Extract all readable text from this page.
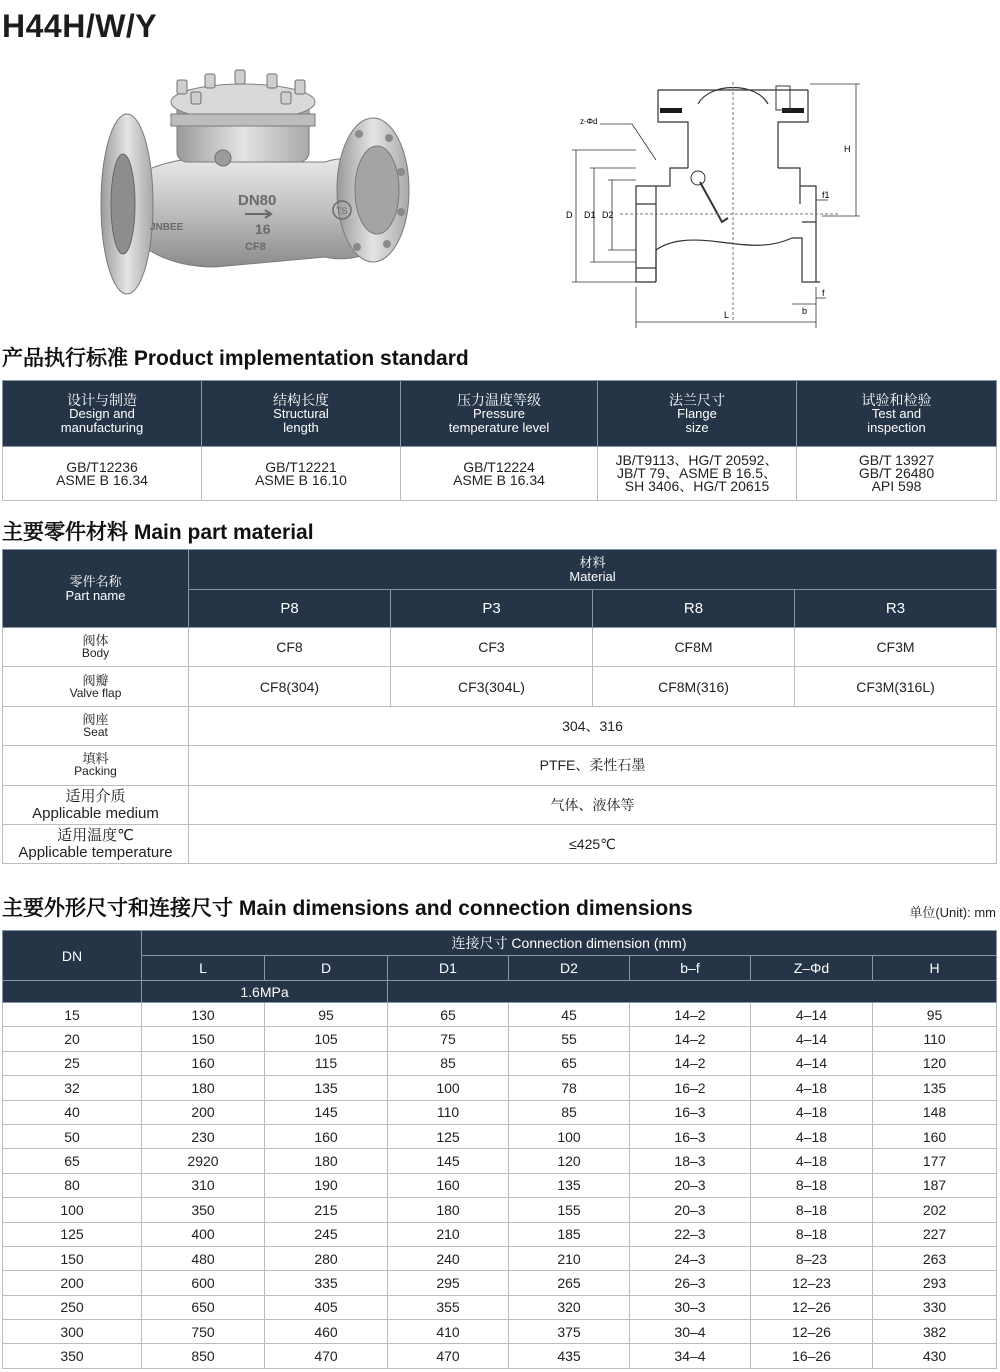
H44H/W/Y
DN80
16
CF8
JNBEE
TS
z-Φd
D D1 D2
H
f1
f
b
L
产品执行标准 Product implementation standard
设计与制造
Design and
manufacturing	结构长度
Structural
length	压力温度等级
Pressure
temperature level	法兰尺寸
Flange
size	试验和检验
Test and
inspection
GB/T12236
ASME B 16.34	GB/T12221
ASME B 16.10	GB/T12224
ASME B 16.34	JB/T9113、HG/T 20592、
JB/T 79、ASME B 16.5、
SH 3406、HG/T 20615	GB/T 13927
GB/T 26480
API 598
主要零件材料 Main part material
零件名称
Part name	材料
Material			
	P8	P3	R8	R3

阀体
Body	CF8	CF3	CF8M	CF3M

阀瓣
Valve flap	CF8(304)	CF3(304L)	CF8M(316)	CF3M(316L)

阀座
Seat	304、316			

填料
Packing	PTFE、柔性石墨			

适用介质
Applicable medium	气体、液体等			

适用温度℃
Applicable temperature	≤425℃			
主要外形尺寸和连接尺寸 Main dimensions and connection dimensions	单位(Unit): mm
DN	连接尺寸 Connection dimension (mm)						
	L	D	D1	D2	b–f	Z–Φd	H
	1.6MPa						
15	130	95	65	45	14–2	4–14	95
20	150	105	75	55	14–2	4–14	110
25	160	115	85	65	14–2	4–14	120
32	180	135	100	78	16–2	4–18	135
40	200	145	110	85	16–3	4–18	148
50	230	160	125	100	16–3	4–18	160
65	2920	180	145	120	18–3	4–18	177
80	310	190	160	135	20–3	8–18	187
100	350	215	180	155	20–3	8–18	202
125	400	245	210	185	22–3	8–18	227
150	480	280	240	210	24–3	8–23	263
200	600	335	295	265	26–3	12–23	293
250	650	405	355	320	30–3	12–26	330
300	750	460	410	375	30–4	12–26	382
350	850	470	470	435	34–4	16–26	430
